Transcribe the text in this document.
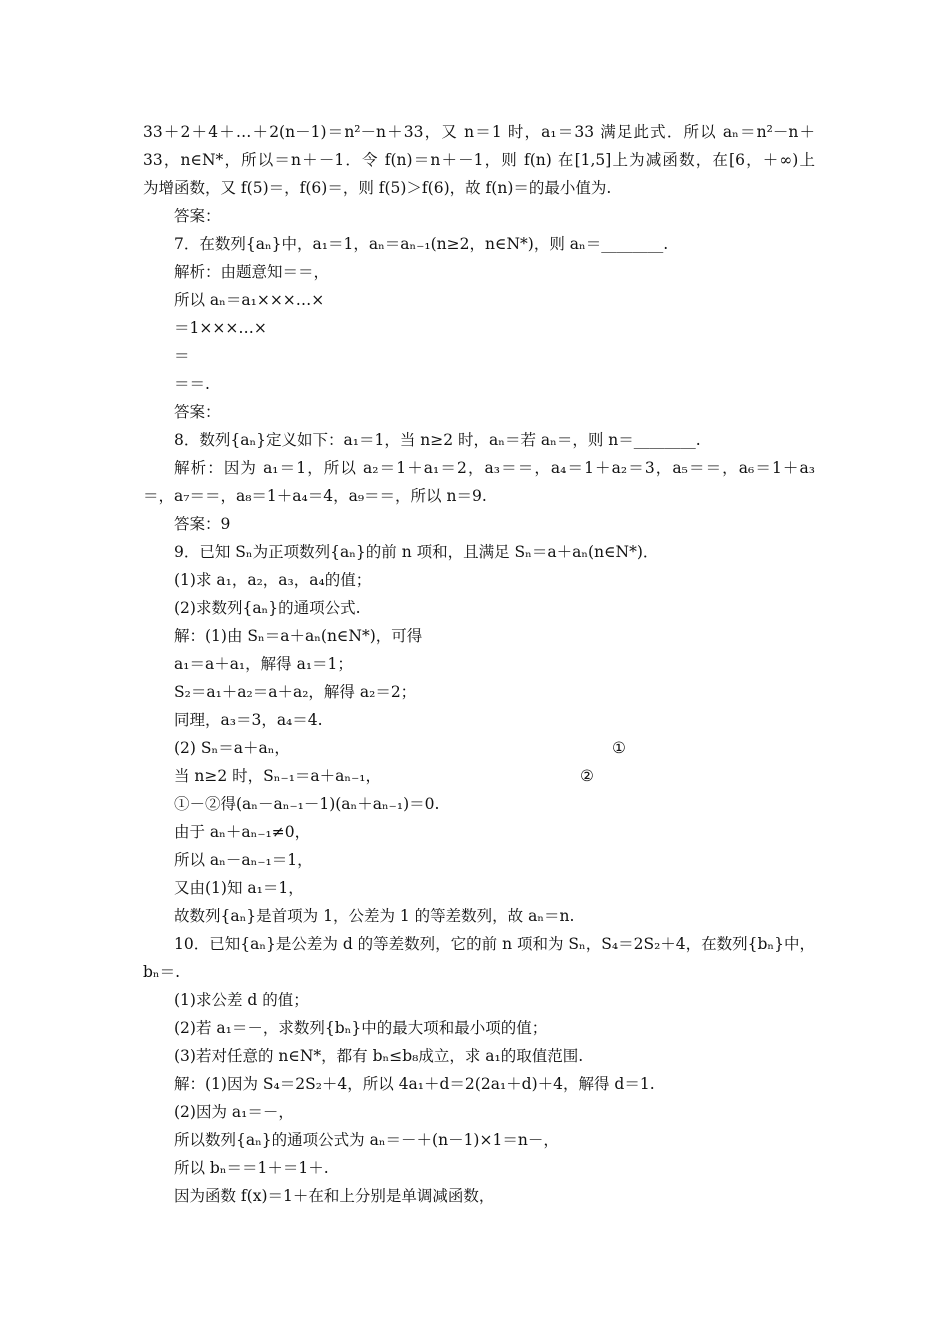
33＋2＋4＋…＋2(n－1)＝n²－n＋33，又 n＝1 时，a₁＝33 满足此式．所以 aₙ＝n²－n＋
33，n∈N*，所以＝n＋－1．令 f(n)＝n＋－1，则 f(n) 在[1,5]上为减函数，在[6，＋∞)上
为增函数，又 f(5)＝，f(6)＝，则 f(5)＞f(6)，故 f(n)＝的最小值为.
答案：
7．在数列{aₙ}中，a₁＝1，aₙ＝aₙ₋₁(n≥2，n∈N*)，则 aₙ＝________.
解析：由题意知＝＝，
所以 aₙ＝a₁×××…×
＝1×××…×
＝
＝＝.
答案：
8．数列{aₙ}定义如下：a₁＝1，当 n≥2 时，aₙ＝若 aₙ＝，则 n＝________.
解析：因为 a₁＝1，所以 a₂＝1＋a₁＝2，a₃＝＝，a₄＝1＋a₂＝3，a₅＝＝，a₆＝1＋a₃
＝，a₇＝＝，a₈＝1＋a₄＝4，a₉＝＝，所以 n＝9.
答案：9
9．已知 Sₙ为正项数列{aₙ}的前 n 项和，且满足 Sₙ＝a＋aₙ(n∈N*)．
(1)求 a₁，a₂，a₃，a₄的值；
(2)求数列{aₙ}的通项公式.
解：(1)由 Sₙ＝a＋aₙ(n∈N*)，可得
a₁＝a＋a₁，解得 a₁＝1；
S₂＝a₁＋a₂＝a＋a₂，解得 a₂＝2；
同理，a₃＝3，a₄＝4.
(2) Sₙ＝a＋aₙ，	①
当 n≥2 时，Sₙ₋₁＝a＋aₙ₋₁，	②
①－②得(aₙ－aₙ₋₁－1)(aₙ＋aₙ₋₁)＝0.
由于 aₙ＋aₙ₋₁≠0，
所以 aₙ－aₙ₋₁＝1，
又由(1)知 a₁＝1，
故数列{aₙ}是首项为 1，公差为 1 的等差数列，故 aₙ＝n.
10．已知{aₙ}是公差为 d 的等差数列，它的前 n 项和为 Sₙ，S₄＝2S₂＋4，在数列{bₙ}中，
bₙ＝.
(1)求公差 d 的值；
(2)若 a₁＝－，求数列{bₙ}中的最大项和最小项的值；
(3)若对任意的 n∈N*，都有 bₙ≤b₈成立，求 a₁的取值范围.
解：(1)因为 S₄＝2S₂＋4，所以 4a₁＋d＝2(2a₁＋d)＋4，解得 d＝1.
(2)因为 a₁＝－，
所以数列{aₙ}的通项公式为 aₙ＝－＋(n－1)×1＝n－，
所以 bₙ＝＝1＋＝1＋.
因为函数 f(x)＝1＋在和上分别是单调减函数，
